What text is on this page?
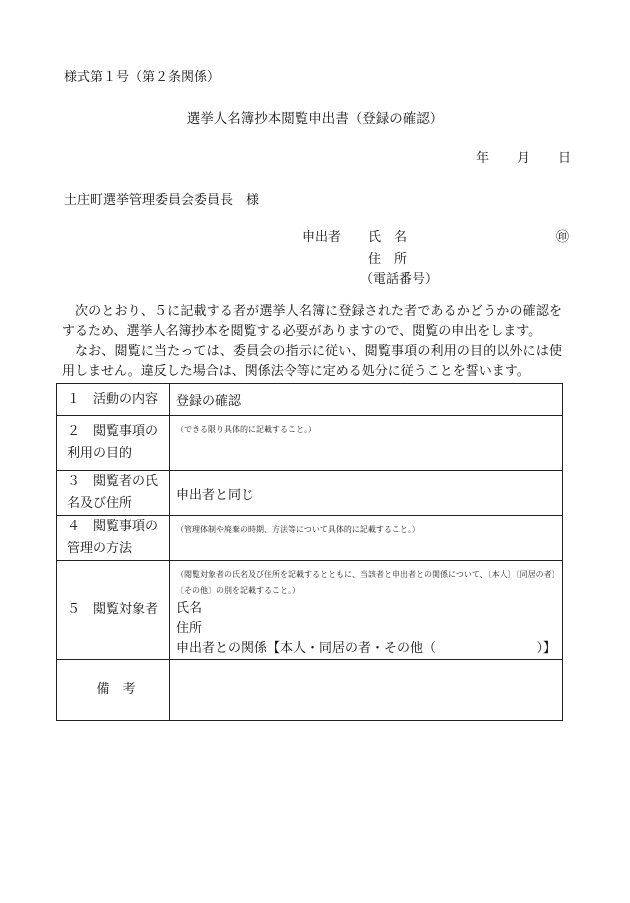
様式第１号（第２条関係）
選挙人名簿抄本閲覧申出書（登録の確認）
年 月 日
土庄町選挙管理委員会委員長　様
申出者 氏　名	㊞
住　所
（電話番号）

次のとおり、５に記載する者が選挙人名簿に登録された者であるかどうかの確認をするため、選挙人名簿抄本を閲覧する必要がありますので、閲覧の申出をします。

なお、閲覧に当たっては、委員会の指示に従い、閲覧事項の利用の目的以外には使用しません。違反した場合は、関係法令等に定める処分に従うことを誓います。

１　活動の内容	登録の確認
２　閲覧事項の利用の目的	（できる限り具体的に記載すること。）

３　閲覧者の氏名及び住所	申出者と同じ
４　閲覧事項の管理の方法	（管理体制や廃棄の時期、方法等について具体的に記載すること。）

５　閲覧対象者	（閲覧対象者の氏名及び住所を記載するとともに、当該者と申出者との関係について、〔本人〕〔同居の者〕〔その他〕の別を記載すること。）
氏名
住所
申出者との関係【本人・同居の者・その他（ ）】

備　考	
